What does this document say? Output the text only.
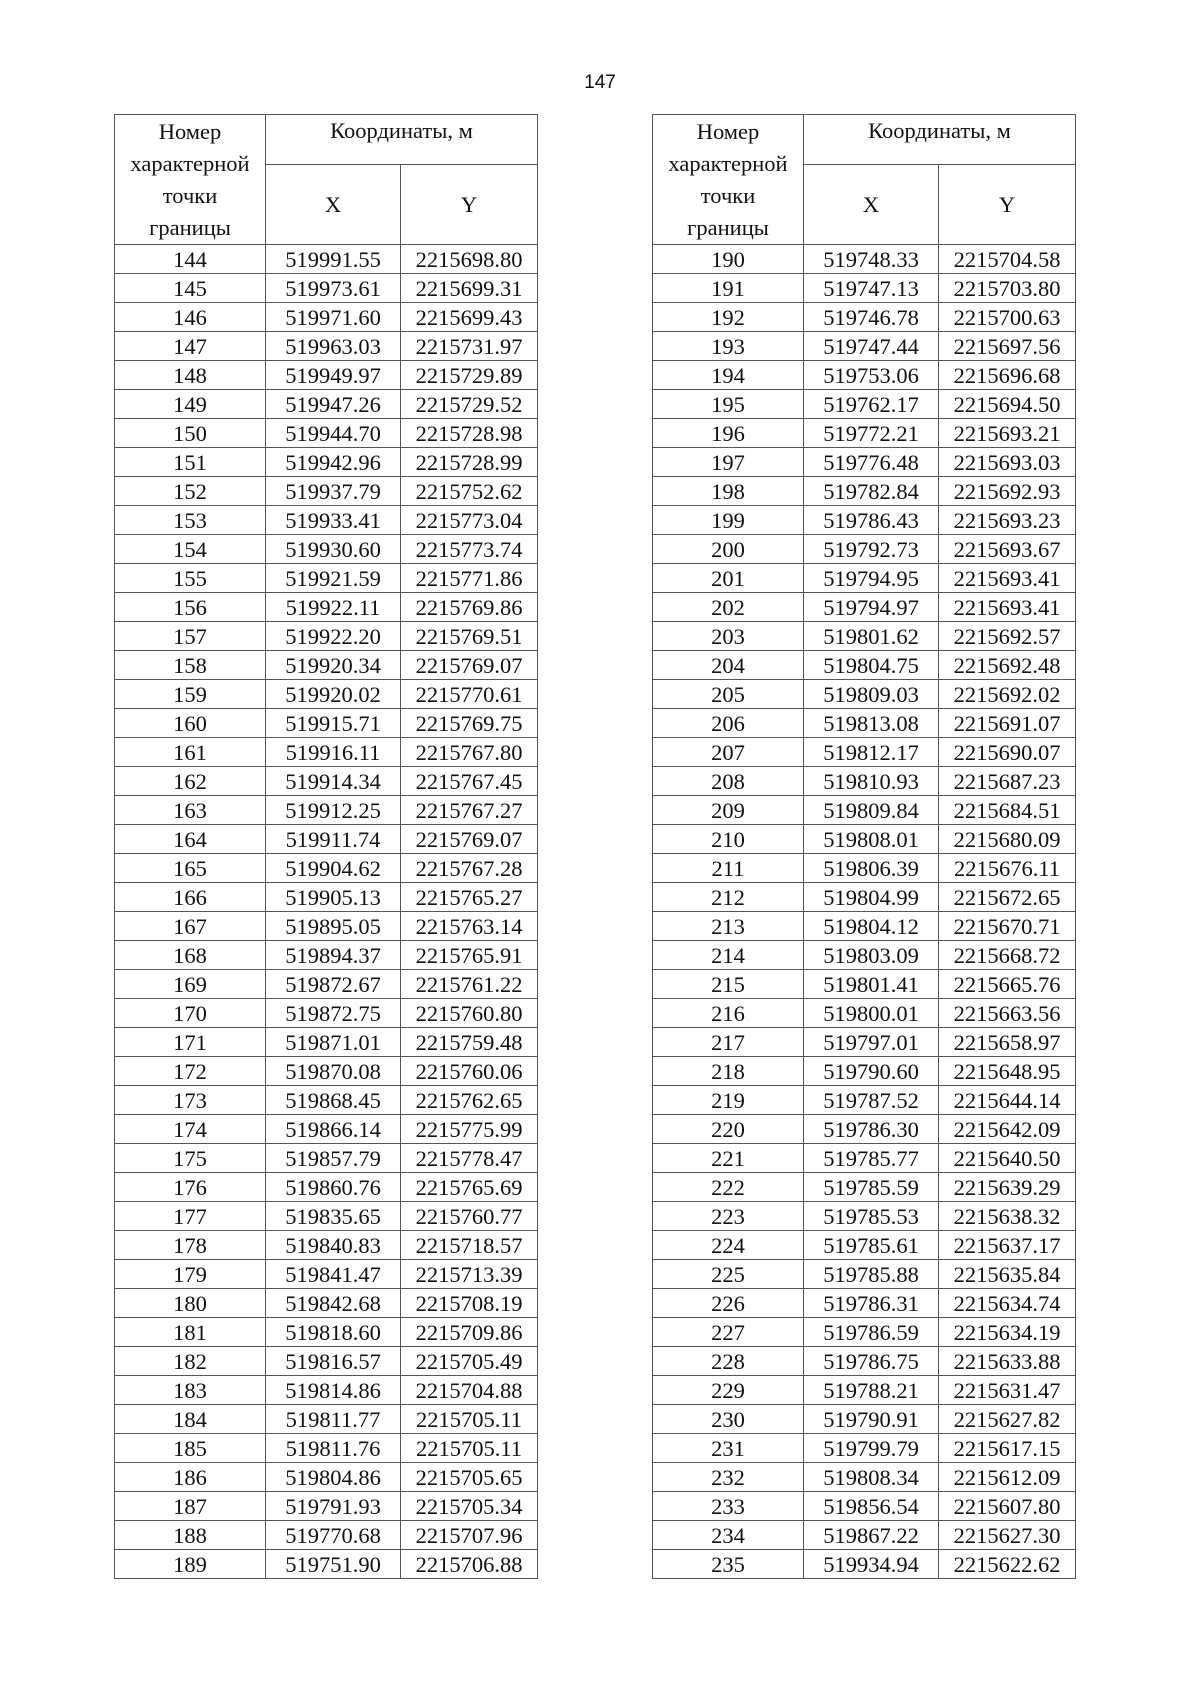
147
Номер
характерной
точки
границы	Координаты, м	
	X	Y
144	519991.55	2215698.80
145	519973.61	2215699.31
146	519971.60	2215699.43
147	519963.03	2215731.97
148	519949.97	2215729.89
149	519947.26	2215729.52
150	519944.70	2215728.98
151	519942.96	2215728.99
152	519937.79	2215752.62
153	519933.41	2215773.04
154	519930.60	2215773.74
155	519921.59	2215771.86
156	519922.11	2215769.86
157	519922.20	2215769.51
158	519920.34	2215769.07
159	519920.02	2215770.61
160	519915.71	2215769.75
161	519916.11	2215767.80
162	519914.34	2215767.45
163	519912.25	2215767.27
164	519911.74	2215769.07
165	519904.62	2215767.28
166	519905.13	2215765.27
167	519895.05	2215763.14
168	519894.37	2215765.91
169	519872.67	2215761.22
170	519872.75	2215760.80
171	519871.01	2215759.48
172	519870.08	2215760.06
173	519868.45	2215762.65
174	519866.14	2215775.99
175	519857.79	2215778.47
176	519860.76	2215765.69
177	519835.65	2215760.77
178	519840.83	2215718.57
179	519841.47	2215713.39
180	519842.68	2215708.19
181	519818.60	2215709.86
182	519816.57	2215705.49
183	519814.86	2215704.88
184	519811.77	2215705.11
185	519811.76	2215705.11
186	519804.86	2215705.65
187	519791.93	2215705.34
188	519770.68	2215707.96
189	519751.90	2215706.88
Номер
характерной
точки
границы	Координаты, м	
	X	Y
190	519748.33	2215704.58
191	519747.13	2215703.80
192	519746.78	2215700.63
193	519747.44	2215697.56
194	519753.06	2215696.68
195	519762.17	2215694.50
196	519772.21	2215693.21
197	519776.48	2215693.03
198	519782.84	2215692.93
199	519786.43	2215693.23
200	519792.73	2215693.67
201	519794.95	2215693.41
202	519794.97	2215693.41
203	519801.62	2215692.57
204	519804.75	2215692.48
205	519809.03	2215692.02
206	519813.08	2215691.07
207	519812.17	2215690.07
208	519810.93	2215687.23
209	519809.84	2215684.51
210	519808.01	2215680.09
211	519806.39	2215676.11
212	519804.99	2215672.65
213	519804.12	2215670.71
214	519803.09	2215668.72
215	519801.41	2215665.76
216	519800.01	2215663.56
217	519797.01	2215658.97
218	519790.60	2215648.95
219	519787.52	2215644.14
220	519786.30	2215642.09
221	519785.77	2215640.50
222	519785.59	2215639.29
223	519785.53	2215638.32
224	519785.61	2215637.17
225	519785.88	2215635.84
226	519786.31	2215634.74
227	519786.59	2215634.19
228	519786.75	2215633.88
229	519788.21	2215631.47
230	519790.91	2215627.82
231	519799.79	2215617.15
232	519808.34	2215612.09
233	519856.54	2215607.80
234	519867.22	2215627.30
235	519934.94	2215622.62
